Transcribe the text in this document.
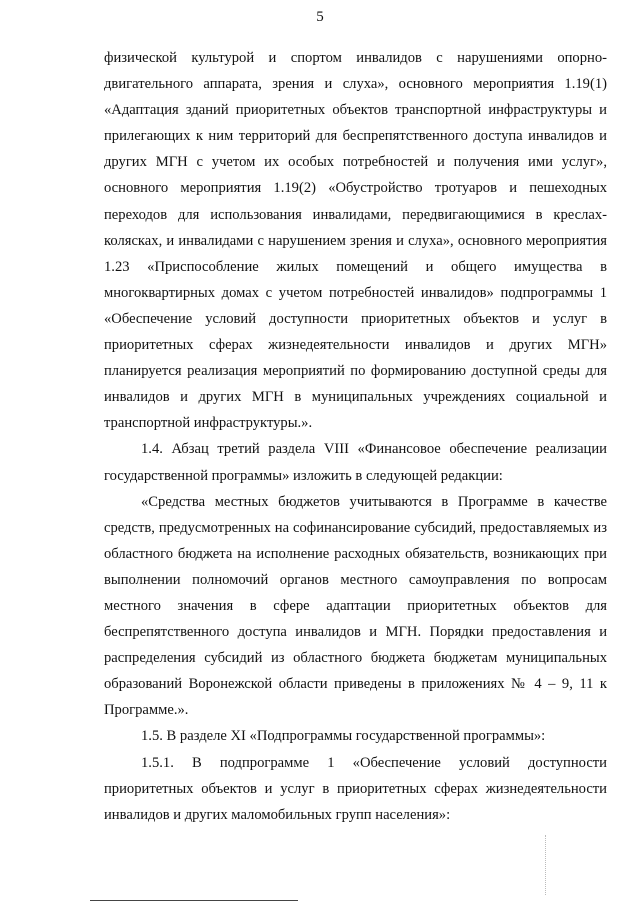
5

физической культурой и спортом инвалидов с нарушениями опорно-двигательного аппарата, зрения и слуха», основного мероприятия 1.19(1) «Адаптация зданий приоритетных объектов транспортной инфраструктуры и прилегающих к ним территорий для беспрепятственного доступа инвалидов и других МГН с учетом их особых потребностей и получения ими услуг», основного мероприятия 1.19(2) «Обустройство тротуаров и пешеходных переходов для использования инвалидами, передвигающимися в креслах-колясках, и инвалидами с нарушением зрения и слуха», основного мероприятия 1.23 «Приспособление жилых помещений и общего имущества в многоквартирных домах с учетом потребностей инвалидов» подпрограммы 1 «Обеспечение условий доступности приоритетных объектов и услуг в приоритетных сферах жизнедеятельности инвалидов и других МГН» планируется реализация мероприятий по формированию доступной среды для инвалидов и других МГН в муниципальных учреждениях социальной и транспортной инфраструктуры.».

1.4. Абзац третий раздела VIII «Финансовое обеспечение реализации государственной программы» изложить в следующей редакции:

«Средства местных бюджетов учитываются в Программе в качестве средств, предусмотренных на софинансирование субсидий, предоставляемых из областного бюджета на исполнение расходных обязательств, возникающих при выполнении полномочий органов местного самоуправления по вопросам местного значения в сфере адаптации приоритетных объектов для беспрепятственного доступа инвалидов и МГН. Порядки предоставления и распределения субсидий из областного бюджета бюджетам муниципальных образований Воронежской области приведены в приложениях № 4 – 9, 11 к Программе.».

1.5. В разделе XI «Подпрограммы государственной программы»:

1.5.1. В подпрограмме 1 «Обеспечение условий доступности приоритетных объектов и услуг в приоритетных сферах жизнедеятельности инвалидов и других маломобильных групп населения»:
